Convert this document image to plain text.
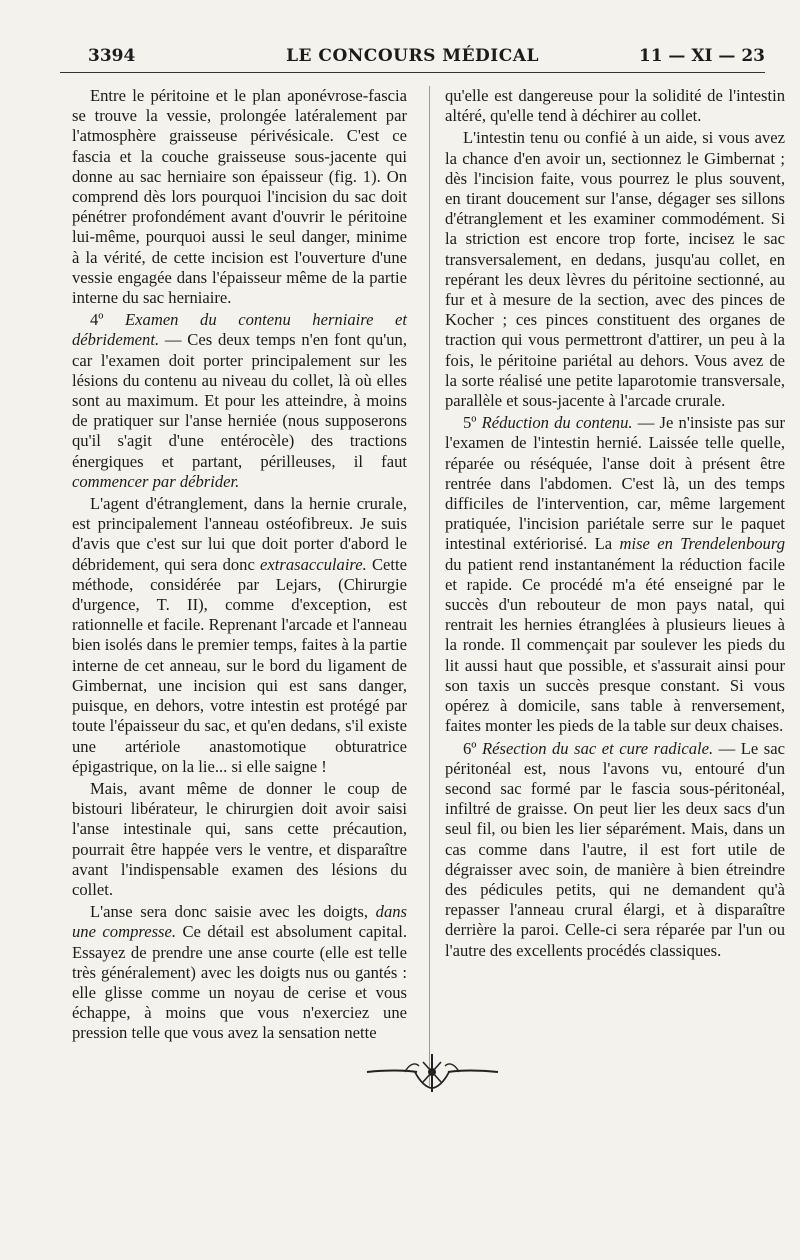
3394	LE CONCOURS MÉDICAL	11 — XI — 23

Entre le péritoine et le plan aponévrose-fascia se trouve la vessie, prolongée latéralement par l'atmosphère graisseuse périvésicale. C'est ce fascia et la couche graisseuse sous-jacente qui donne au sac herniaire son épaisseur (fig. 1). On comprend dès lors pourquoi l'incision du sac doit pénétrer profondément avant d'ouvrir le péritoine lui-même, pourquoi aussi le seul danger, minime à la vérité, de cette incision est l'ouverture d'une vessie engagée dans l'épaisseur même de la partie interne du sac herniaire.

4º Examen du contenu herniaire et débridement. — Ces deux temps n'en font qu'un, car l'examen doit porter principalement sur les lésions du contenu au niveau du collet, là où elles sont au maximum. Et pour les atteindre, à moins de pratiquer sur l'anse herniée (nous supposerons qu'il s'agit d'une entérocèle) des tractions énergiques et partant, périlleuses, il faut commencer par débrider.

L'agent d'étranglement, dans la hernie crurale, est principalement l'anneau ostéofibreux. Je suis d'avis que c'est sur lui que doit porter d'abord le débridement, qui sera donc extrasacculaire. Cette méthode, considérée par Lejars, (Chirurgie d'urgence, T. II), comme d'exception, est rationnelle et facile. Reprenant l'arcade et l'anneau bien isolés dans le premier temps, faites à la partie interne de cet anneau, sur le bord du ligament de Gimbernat, une incision qui est sans danger, puisque, en dehors, votre intestin est protégé par toute l'épaisseur du sac, et qu'en dedans, s'il existe une artériole anastomotique obturatrice épigastrique, on la lie... si elle saigne !

Mais, avant même de donner le coup de bistouri libérateur, le chirurgien doit avoir saisi l'anse intestinale qui, sans cette précaution, pourrait être happée vers le ventre, et disparaître avant l'indispensable examen des lésions du collet.

L'anse sera donc saisie avec les doigts, dans une compresse. Ce détail est absolument capital. Essayez de prendre une anse courte (elle est telle très généralement) avec les doigts nus ou gantés : elle glisse comme un noyau de cerise et vous échappe, à moins que vous n'exerciez une pression telle que vous avez la sensation nette

qu'elle est dangereuse pour la solidité de l'intestin altéré, qu'elle tend à déchirer au collet.

L'intestin tenu ou confié à un aide, si vous avez la chance d'en avoir un, sectionnez le Gimbernat ; dès l'incision faite, vous pourrez le plus souvent, en tirant doucement sur l'anse, dégager ses sillons d'étranglement et les examiner commodément. Si la striction est encore trop forte, incisez le sac transversalement, en dedans, jusqu'au collet, en repérant les deux lèvres du péritoine sectionné, au fur et à mesure de la section, avec des pinces de Kocher ; ces pinces constituent des organes de traction qui vous permettront d'attirer, un peu à la fois, le péritoine pariétal au dehors. Vous avez de la sorte réalisé une petite laparotomie transversale, parallèle et sous-jacente à l'arcade crurale.

5º Réduction du contenu. — Je n'insiste pas sur l'examen de l'intestin hernié. Laissée telle quelle, réparée ou réséquée, l'anse doit à présent être rentrée dans l'abdomen. C'est là, un des temps difficiles de l'intervention, car, même largement pratiquée, l'incision pariétale serre sur le paquet intestinal extériorisé. La mise en Trendelenbourg du patient rend instantanément la réduction facile et rapide. Ce procédé m'a été enseigné par le succès d'un rebouteur de mon pays natal, qui rentrait les hernies étranglées à plusieurs lieues à la ronde. Il commençait par soulever les pieds du lit aussi haut que possible, et s'assurait ainsi pour son taxis un succès presque constant. Si vous opérez à domicile, sans table à renversement, faites monter les pieds de la table sur deux chaises.

6º Résection du sac et cure radicale. — Le sac péritonéal est, nous l'avons vu, entouré d'un second sac formé par le fascia sous-péritonéal, infiltré de graisse. On peut lier les deux sacs d'un seul fil, ou bien les lier séparément. Mais, dans un cas comme dans l'autre, il est fort utile de dégraisser avec soin, de manière à bien étreindre des pédicules petits, qui ne demandent qu'à repasser l'anneau crural élargi, et à disparaître derrière la paroi. Celle-ci sera réparée par l'un ou l'autre des excellents procédés classiques.
